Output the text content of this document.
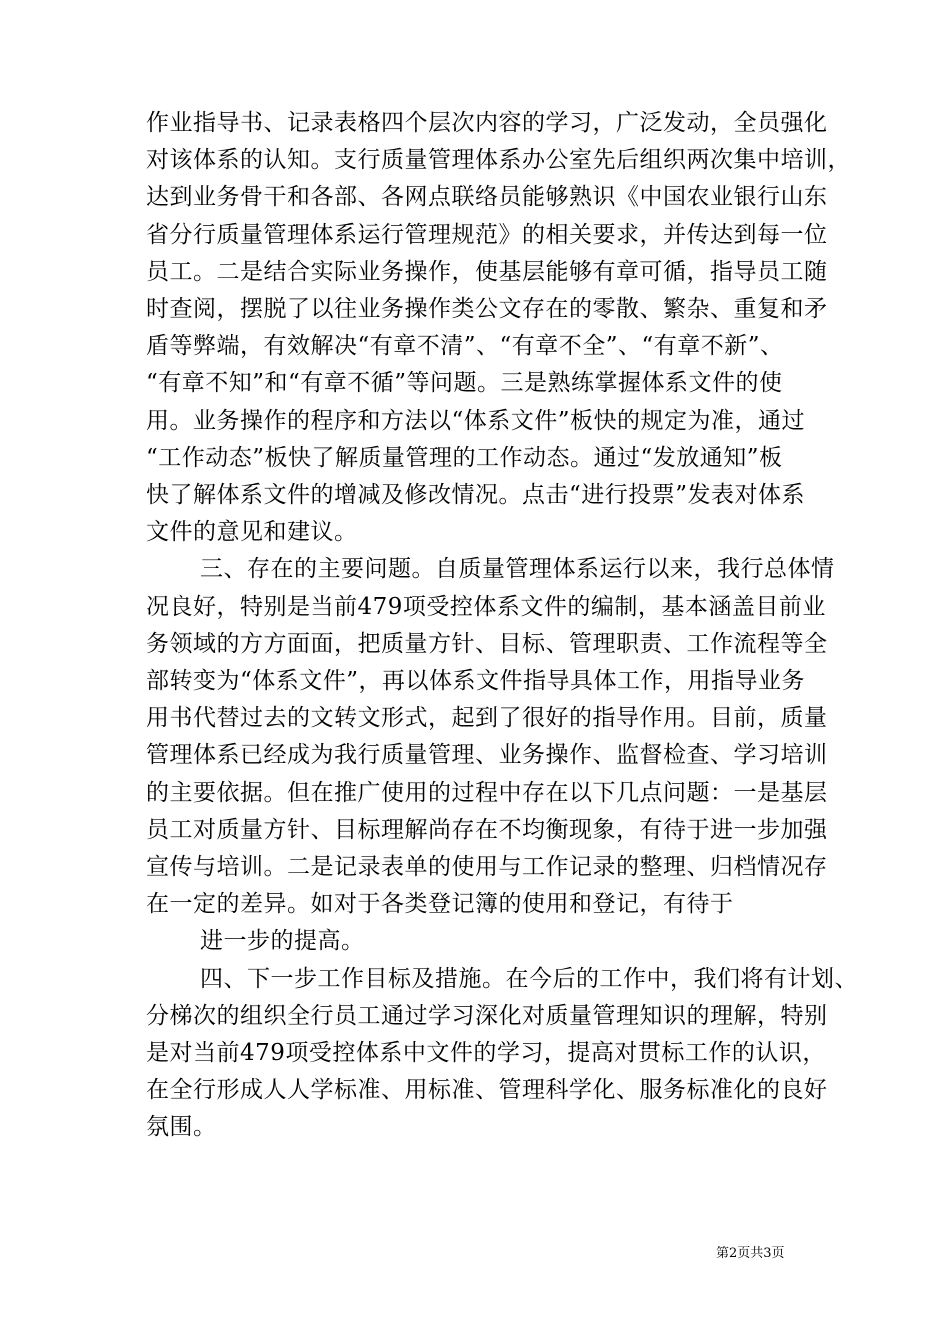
作业指导书、记录表格四个层次内容的学习，广泛发动，全员强化
对该体系的认知。支行质量管理体系办公室先后组织两次集中培训，
达到业务骨干和各部、各网点联络员能够熟识《中国农业银行山东
省分行质量管理体系运行管理规范》的相关要求，并传达到每一位
员工。二是结合实际业务操作，使基层能够有章可循，指导员工随
时查阅，摆脱了以往业务操作类公文存在的零散、繁杂、重复和矛
盾等弊端，有效解决“有章不清”、“有章不全”、“有章不新”、
“有章不知”和“有章不循”等问题。三是熟练掌握体系文件的使
用。业务操作的程序和方法以“体系文件”板快的规定为准，通过
“工作动态”板快了解质量管理的工作动态。通过“发放通知”板
快了解体系文件的增减及修改情况。点击“进行投票”发表对体系
文件的意见和建议。
三、存在的主要问题。自质量管理体系运行以来，我行总体情
况良好，特别是当前479项受控体系文件的编制，基本涵盖目前业
务领域的方方面面，把质量方针、目标、管理职责、工作流程等全
部转变为“体系文件”，再以体系文件指导具体工作，用指导业务
用书代替过去的文转文形式，起到了很好的指导作用。目前，质量
管理体系已经成为我行质量管理、业务操作、监督检查、学习培训
的主要依据。但在推广使用的过程中存在以下几点问题：一是基层
员工对质量方针、目标理解尚存在不均衡现象，有待于进一步加强
宣传与培训。二是记录表单的使用与工作记录的整理、归档情况存
在一定的差异。如对于各类登记簿的使用和登记，有待于
进一步的提高。
四、下一步工作目标及措施。在今后的工作中，我们将有计划、
分梯次的组织全行员工通过学习深化对质量管理知识的理解，特别
是对当前479项受控体系中文件的学习，提高对贯标工作的认识，
在全行形成人人学标准、用标准、管理科学化、服务标准化的良好
氛围。
第2页共3页
